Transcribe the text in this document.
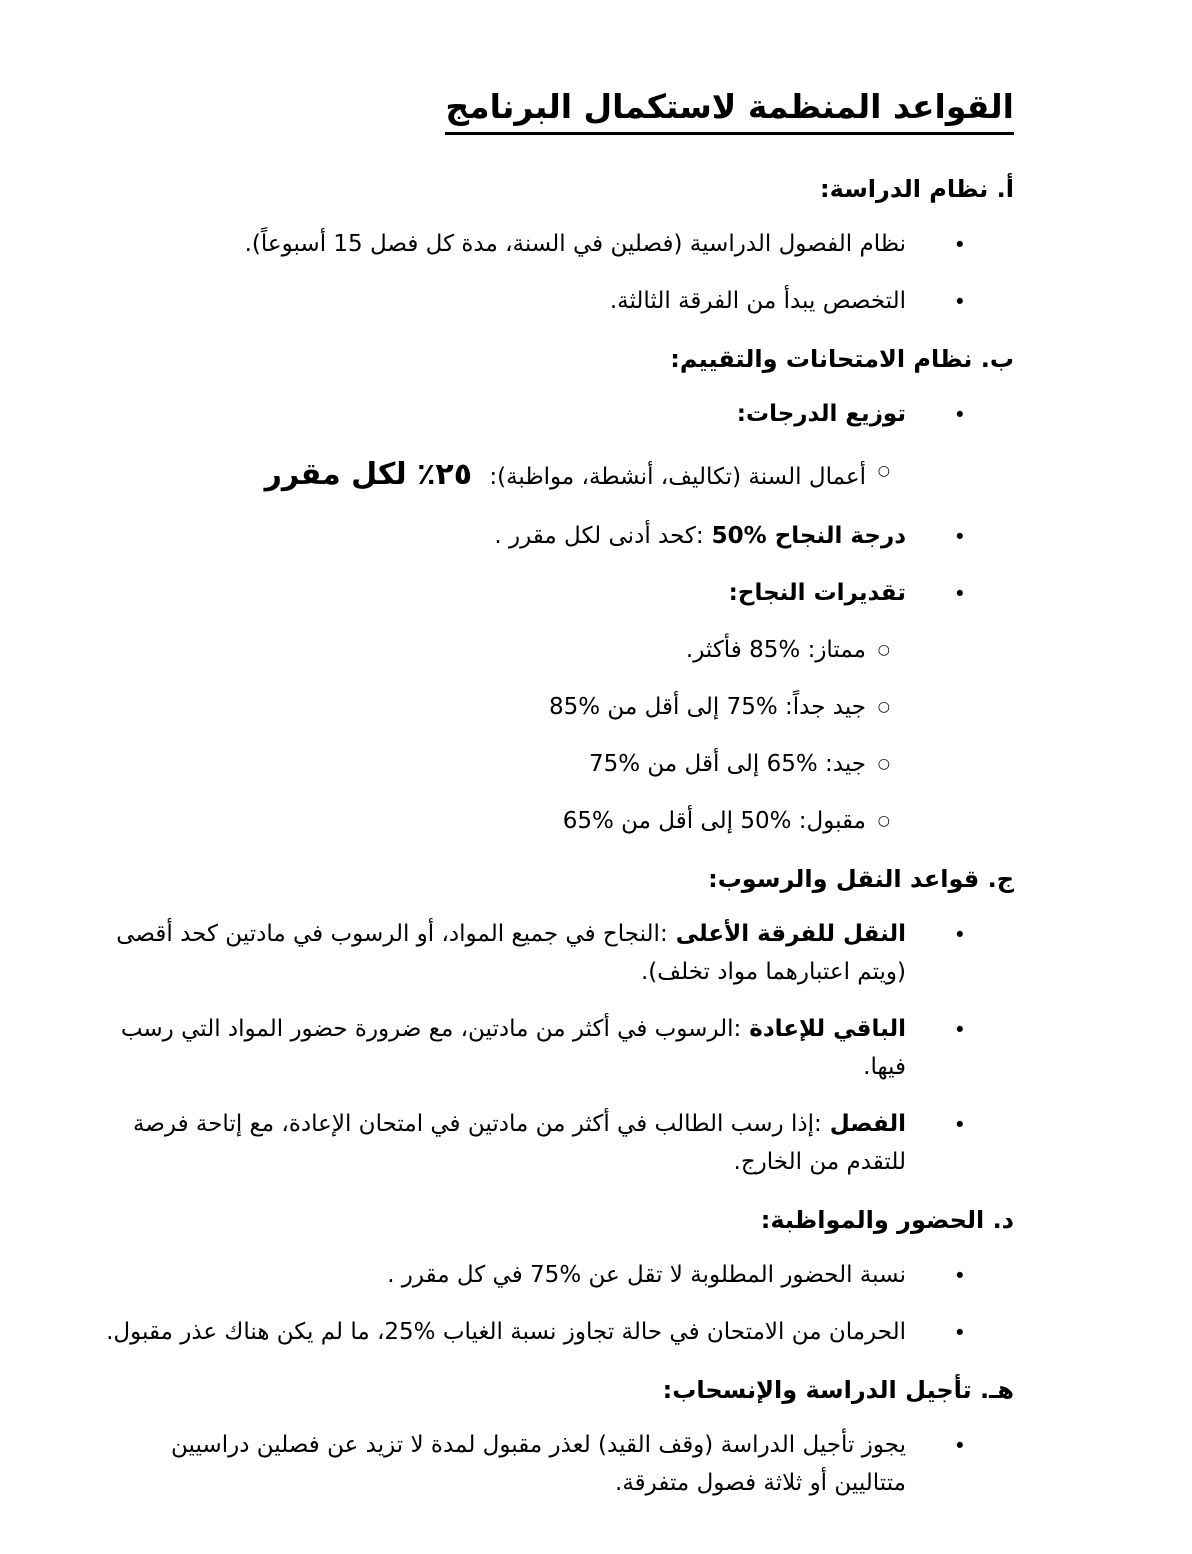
القواعد المنظمة لاستكمال البرنامج
أ. نظام الدراسة:
•
نظام الفصول الدراسية (فصلين في السنة، مدة كل فصل 15 أسبوعاً).
•
التخصص يبدأ من الفرقة الثالثة.
ب. نظام الامتحانات والتقييم:
•
توزيع الدرجات:
○
أعمال السنة (تكاليف، أنشطة، مواظبة): ٢٥٪ لكل مقرر
•
درجة النجاح %50 :كحد أدنى لكل مقرر .
•
تقديرات النجاح:
○
ممتاز: %85 فأكثر.
○
جيد جداً: %75 إلى أقل من %85
○
جيد: %65 إلى أقل من %75
○
مقبول: %50 إلى أقل من %65
ج. قواعد النقل والرسوب:
•
النقل للفرقة الأعلى :النجاح في جميع المواد، أو الرسوب في مادتين كحد أقصى (ويتم اعتبارهما مواد تخلف).
•
الباقي للإعادة :الرسوب في أكثر من مادتين، مع ضرورة حضور المواد التي رسب فيها.
•
الفصل :إذا رسب الطالب في أكثر من مادتين في امتحان الإعادة، مع إتاحة فرصة للتقدم من الخارج.
د. الحضور والمواظبة:
•
نسبة الحضور المطلوبة لا تقل عن %75 في كل مقرر .
•
الحرمان من الامتحان في حالة تجاوز نسبة الغياب %25، ما لم يكن هناك عذر مقبول.
هـ. تأجيل الدراسة والإنسحاب:
•
يجوز تأجيل الدراسة (وقف القيد) لعذر مقبول لمدة لا تزيد عن فصلين دراسيين متتاليين أو ثلاثة فصول متفرقة.
